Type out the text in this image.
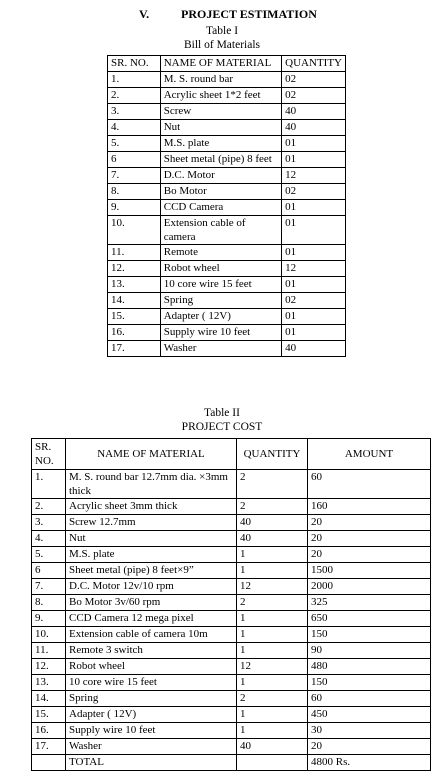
V.	PROJECT ESTIMATION
Table I
Bill of Materials
SR. NO.	NAME OF MATERIAL	QUANTITY
1.	M. S. round bar	02
2.	Acrylic sheet 1*2 feet	02
3.	Screw	40
4.	Nut	40
5.	M.S. plate	01
6	Sheet metal (pipe) 8 feet	01
7.	D.C. Motor	12
8.	Bo Motor	02
9.	CCD Camera	01
10.	Extension cable of camera	01
11.	Remote	01
12.	Robot wheel	12
13.	10 core wire 15 feet	01
14.	Spring	02
15.	Adapter ( 12V)	01
16.	Supply wire 10 feet	01
17.	Washer	40
Table II
PROJECT COST
SR. NO.	NAME OF MATERIAL	QUANTITY	AMOUNT
1.	M. S. round bar 12.7mm dia. ×3mm thick	2	60
2.	Acrylic sheet 3mm thick	2	160
3.	Screw 12.7mm	40	20
4.	Nut	40	20
5.	M.S. plate	1	20
6	Sheet metal (pipe) 8 feet×9”	1	1500
7.	D.C. Motor 12v/10 rpm	12	2000
8.	Bo Motor 3v/60 rpm	2	325
9.	CCD Camera 12 mega pixel	1	650
10.	Extension cable of camera 10m	1	150
11.	Remote 3 switch	1	90
12.	Robot wheel	12	480
13.	10 core wire 15 feet	1	150
14.	Spring	2	60
15.	Adapter ( 12V)	1	450
16.	Supply wire 10 feet	1	30
17.	Washer	40	20
	TOTAL		4800 Rs.
